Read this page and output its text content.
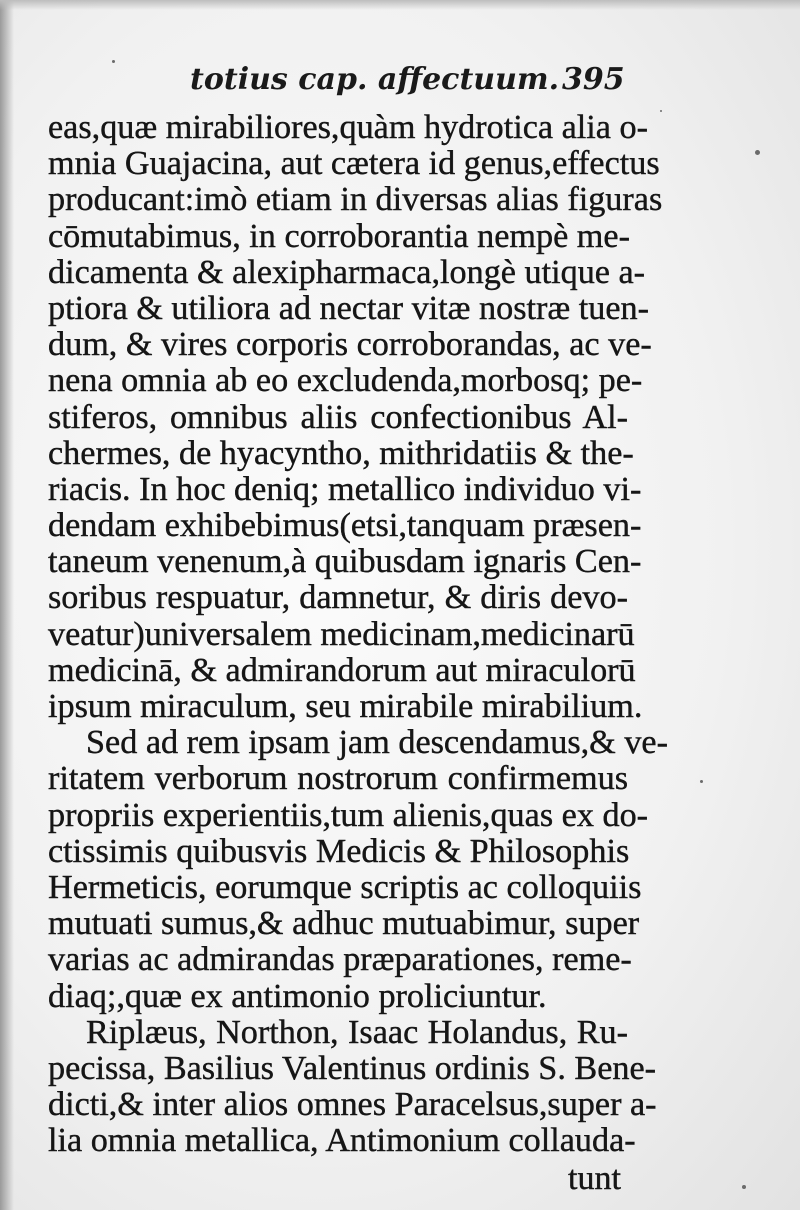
totius cap. affectuum. 395
eas,quæ mirabiliores,quàm hydrotica alia o-
mnia Guajacina, aut cætera id genus,effectus
producant:imò etiam in diversas alias figuras
cōmutabimus, in corroborantia nempè me-
dicamenta & alexipharmaca,longè utique a-
ptiora & utiliora ad nectar vitæ nostræ tuen-
dum, & vires corporis corroborandas, ac ve-
nena omnia ab eo excludenda,morbosq; pe-
stiferos, omnibus aliis confectionibus Al-
chermes, de hyacyntho, mithridatiis & the-
riacis. In hoc deniq; metallico individuo vi-
dendam exhibebimus(etsi,tanquam præsen-
taneum venenum,à quibusdam ignaris Cen-
soribus respuatur, damnetur, & diris devo-
veatur)universalem medicinam,medicinarū
medicinā, & admirandorum aut miraculorū
ipsum miraculum, seu mirabile mirabilium.
Sed ad rem ipsam jam descendamus,& ve-
ritatem verborum nostrorum confirmemus
propriis experientiis,tum alienis,quas ex do-
ctissimis quibusvis Medicis & Philosophis
Hermeticis, eorumque scriptis ac colloquiis
mutuati sumus,& adhuc mutuabimur, super
varias ac admirandas præparationes, reme-
diaq;,quæ ex antimonio proliciuntur.
Riplæus, Northon, Isaac Holandus, Ru-
pecissa, Basilius Valentinus ordinis S. Bene-
dicti,& inter alios omnes Paracelsus,super a-
lia omnia metallica, Antimonium collauda-
tunt
